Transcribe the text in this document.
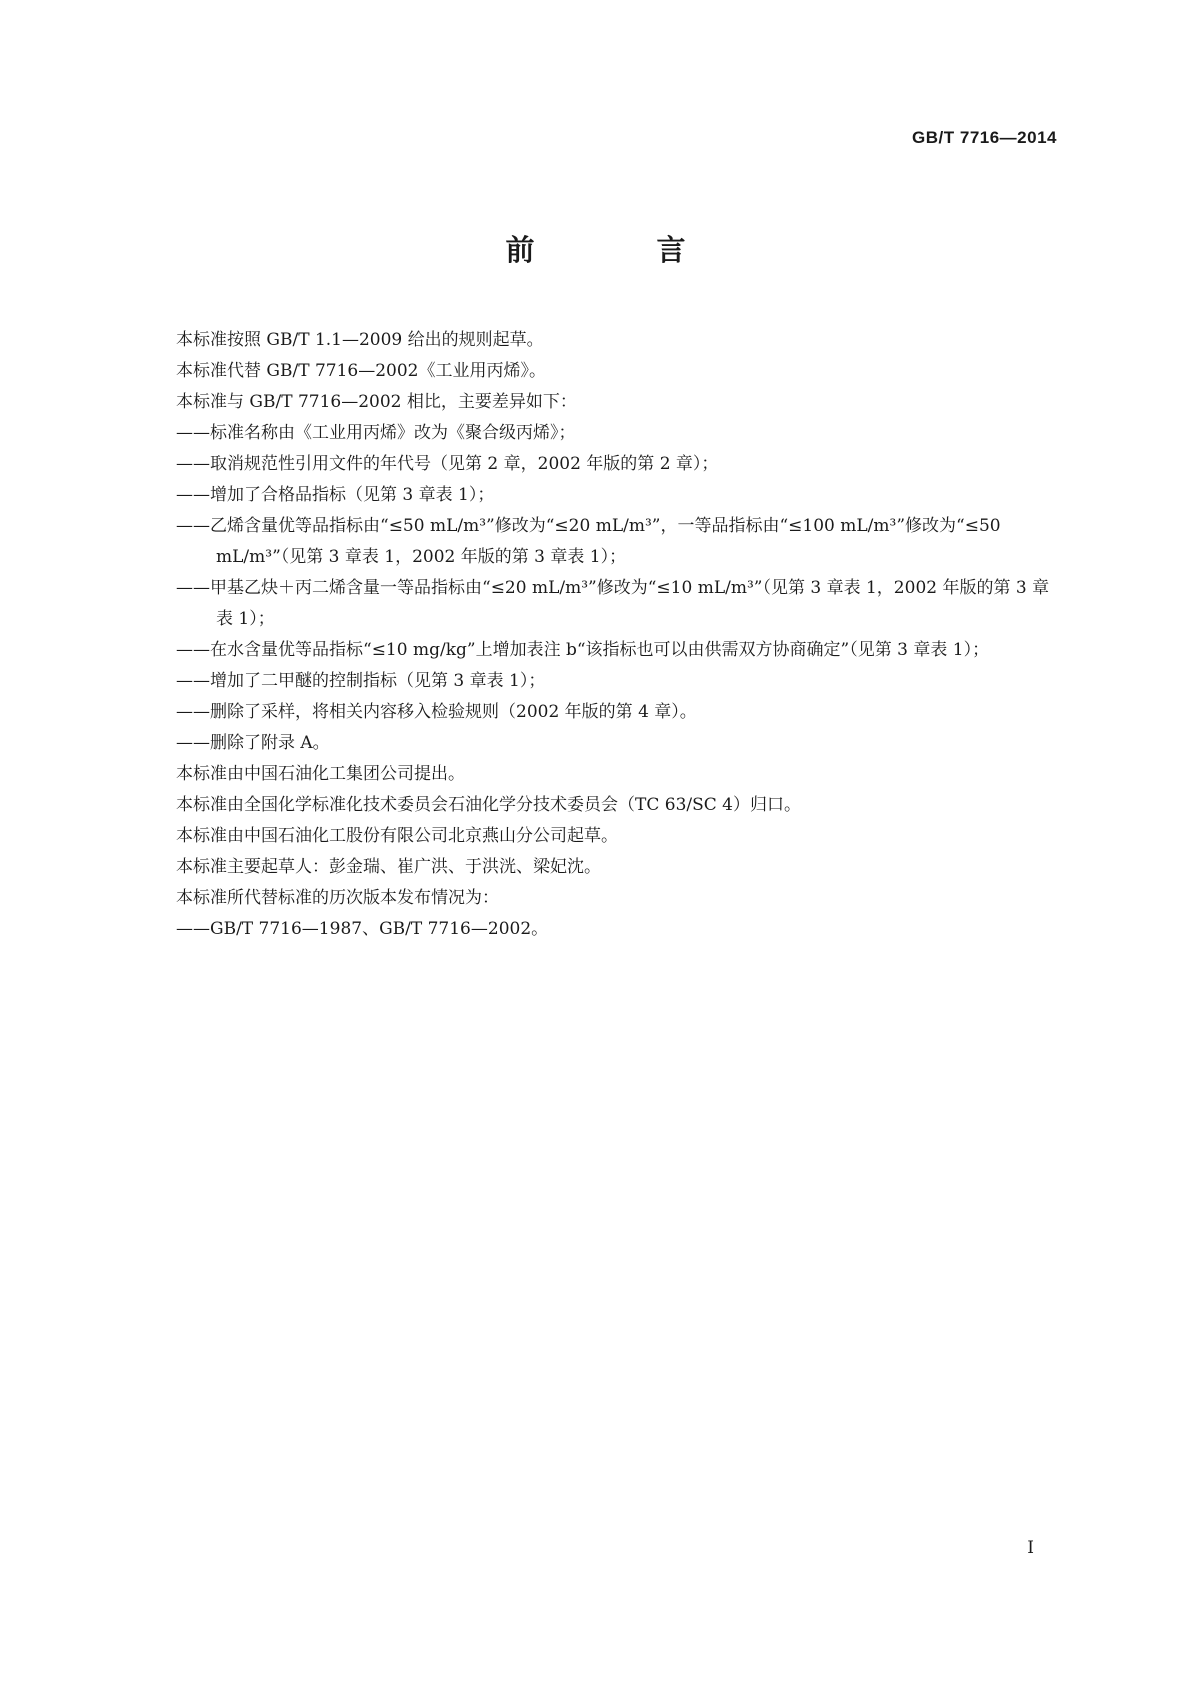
GB/T 7716—2014
前 言
本标准按照 GB/T 1.1—2009 给出的规则起草。
本标准代替 GB/T 7716—2002《工业用丙烯》。
本标准与 GB/T 7716—2002 相比，主要差异如下：
——标准名称由《工业用丙烯》改为《聚合级丙烯》；
——取消规范性引用文件的年代号（见第 2 章，2002 年版的第 2 章）；
——增加了合格品指标（见第 3 章表 1）；
——乙烯含量优等品指标由“≤50 mL/m³”修改为“≤20 mL/m³”，一等品指标由“≤100 mL/m³”修改为“≤50 mL/m³”（见第 3 章表 1，2002 年版的第 3 章表 1）；
——甲基乙炔＋丙二烯含量一等品指标由“≤20 mL/m³”修改为“≤10 mL/m³”（见第 3 章表 1，2002 年版的第 3 章表 1）；
——在水含量优等品指标“≤10 mg/kg”上增加表注 b“该指标也可以由供需双方协商确定”（见第 3 章表 1）；
——增加了二甲醚的控制指标（见第 3 章表 1）；
——删除了采样，将相关内容移入检验规则（2002 年版的第 4 章）。
——删除了附录 A。
本标准由中国石油化工集团公司提出。
本标准由全国化学标准化技术委员会石油化学分技术委员会（TC 63/SC 4）归口。
本标准由中国石油化工股份有限公司北京燕山分公司起草。
本标准主要起草人：彭金瑞、崔广洪、于洪洸、梁妃沈。
本标准所代替标准的历次版本发布情况为：
——GB/T 7716—1987、GB/T 7716—2002。
I
